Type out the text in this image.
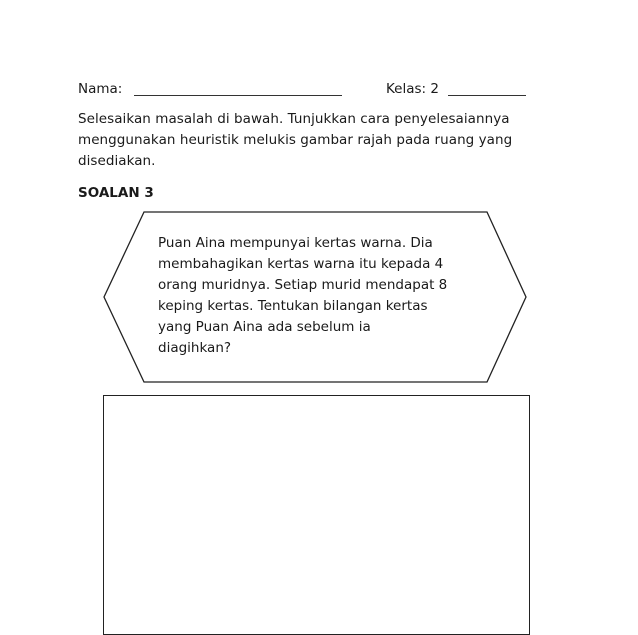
Nama:	Kelas: 2
Selesaikan masalah di bawah. Tunjukkan cara penyelesaiannya
menggunakan heuristik melukis gambar rajah pada ruang yang
disediakan.
SOALAN 3
Puan Aina mempunyai kertas warna. Dia
membahagikan kertas warna itu kepada 4
orang muridnya. Setiap murid mendapat 8
keping kertas. Tentukan bilangan kertas
yang Puan Aina ada sebelum ia
diagihkan?
